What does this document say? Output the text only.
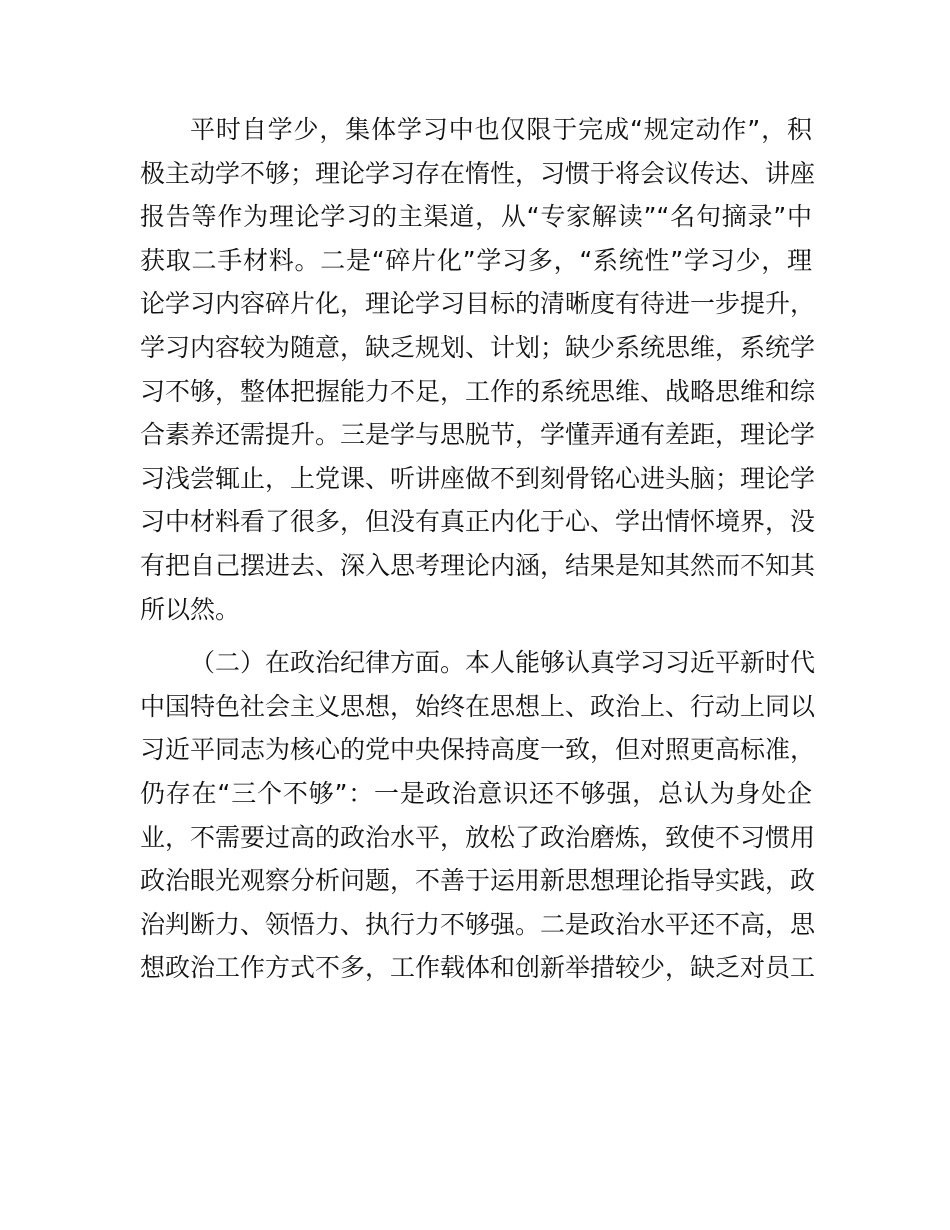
平时自学少，集体学习中也仅限于完成“规定动作”，积
极主动学不够；理论学习存在惰性，习惯于将会议传达、讲座
报告等作为理论学习的主渠道，从“专家解读”“名句摘录”中
获取二手材料。二是“碎片化”学习多，“系统性”学习少，理
论学习内容碎片化，理论学习目标的清晰度有待进一步提升，
学习内容较为随意，缺乏规划、计划；缺少系统思维，系统学
习不够，整体把握能力不足，工作的系统思维、战略思维和综
合素养还需提升。三是学与思脱节，学懂弄通有差距，理论学
习浅尝辄止，上党课、听讲座做不到刻骨铭心进头脑；理论学
习中材料看了很多，但没有真正内化于心、学出情怀境界，没
有把自己摆进去、深入思考理论内涵，结果是知其然而不知其
所以然。
（二）在政治纪律方面。本人能够认真学习习近平新时代
中国特色社会主义思想，始终在思想上、政治上、行动上同以
习近平同志为核心的党中央保持高度一致，但对照更高标准，
仍存在“三个不够”：一是政治意识还不够强，总认为身处企
业，不需要过高的政治水平，放松了政治磨炼，致使不习惯用
政治眼光观察分析问题，不善于运用新思想理论指导实践，政
治判断力、领悟力、执行力不够强。二是政治水平还不高，思
想政治工作方式不多，工作载体和创新举措较少，缺乏对员工
